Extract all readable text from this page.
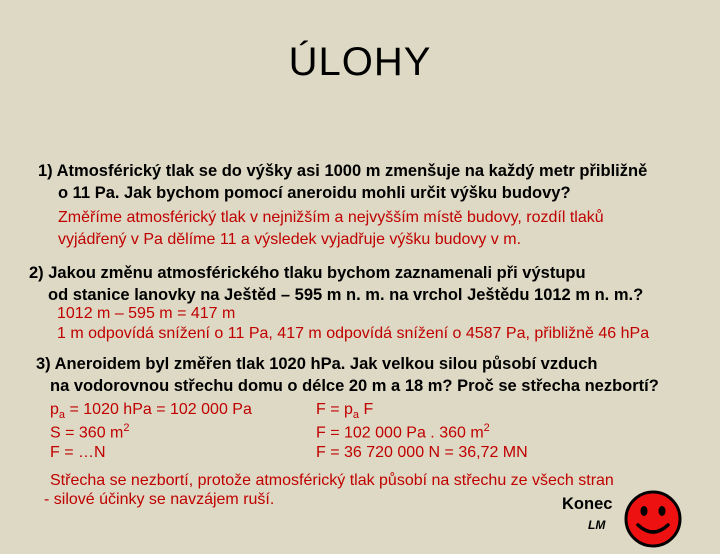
ÚLOHY
1) Atmosférický tlak se do výšky asi 1000 m zmenšuje na každý metr přibližně
o 11 Pa. Jak bychom pomocí aneroidu mohli určit výšku budovy?
Změříme atmosférický tlak v nejnižším a nejvyšším místě budovy, rozdíl tlaků
vyjádřený v Pa dělíme 11 a výsledek vyjadřuje výšku budovy v m.
2) Jakou změnu atmosférického tlaku bychom zaznamenali při výstupu
od stanice lanovky na Ještěd – 595 m n. m. na vrchol Ještědu 1012 m n. m.?
1012 m – 595 m = 417 m
1 m odpovídá snížení o 11 Pa, 417 m odpovídá snížení o 4587 Pa, přibližně 46 hPa
3) Aneroidem byl změřen tlak 1020 hPa. Jak velkou silou působí vzduch
na vodorovnou střechu domu o délce 20 m a 18 m? Proč se střecha nezbortí?
$p_a = 1020$ hPa = 102 000 Pa	$F = p_a$ F
S = 360 $m^2$	F = 102 000 Pa . 360 $m^2$
F = …N	F = 36 720 000 N = 36,72 MN
Střecha se nezbortí, protože atmosférický tlak působí na střechu ze všech stran
- silové účinky se navzájem ruší.	Konec
LM
